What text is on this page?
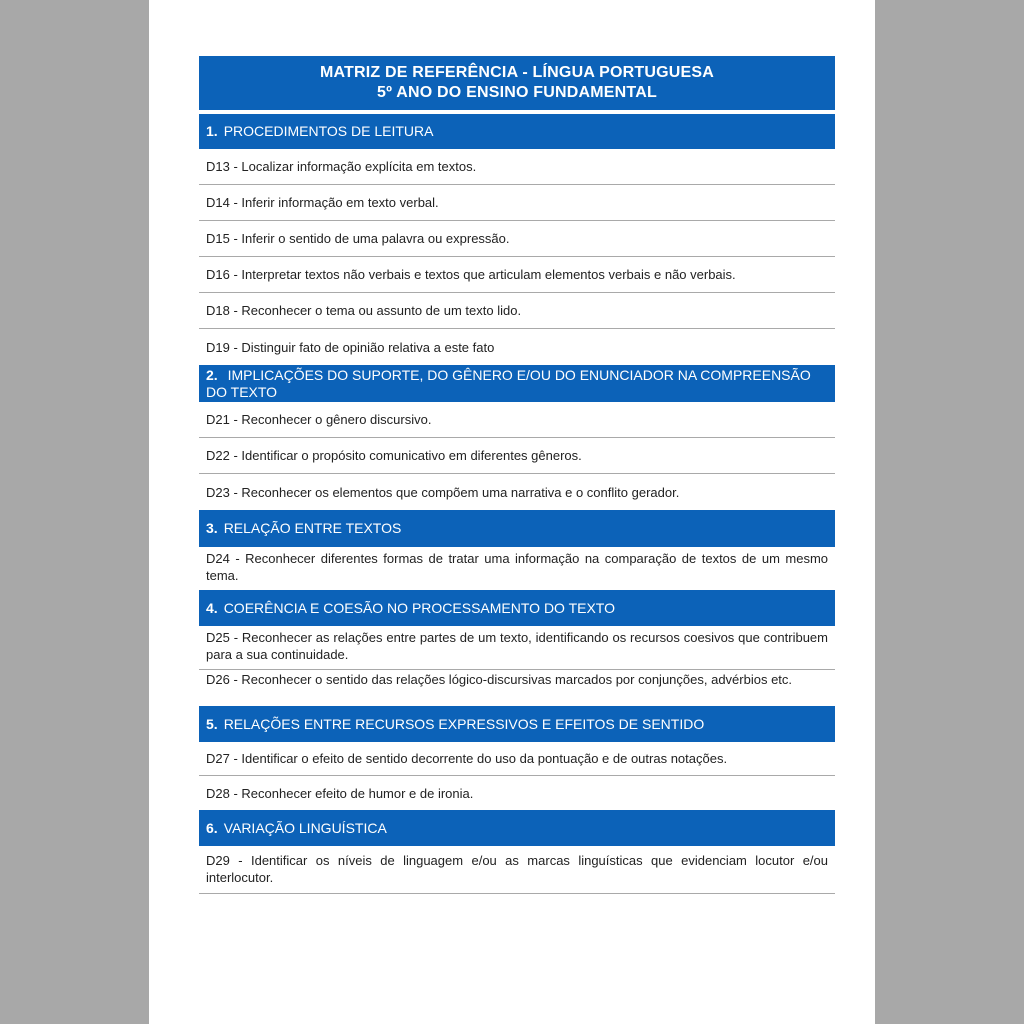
MATRIZ DE REFERÊNCIA - LÍNGUA PORTUGUESA
5º ANO DO ENSINO FUNDAMENTAL
1. PROCEDIMENTOS DE LEITURA
D13 - Localizar informação explícita em textos.
D14 - Inferir informação em texto verbal.
D15 - Inferir o sentido de uma palavra ou expressão.
D16 - Interpretar textos não verbais e textos que articulam elementos verbais e não verbais.
D18 - Reconhecer o tema ou assunto de um texto lido.
D19 - Distinguir fato de opinião relativa a este fato
2. IMPLICAÇÕES DO SUPORTE, DO GÊNERO E/OU DO ENUNCIADOR NA COMPREENSÃO DO TEXTO
D21 - Reconhecer o gênero discursivo.
D22 - Identificar o propósito comunicativo em diferentes gêneros.
D23 - Reconhecer os elementos que compõem uma narrativa e o conflito gerador.
3. RELAÇÃO ENTRE TEXTOS
D24 - Reconhecer diferentes formas de tratar uma informação na comparação de textos de um mesmo tema.
4. COERÊNCIA E COESÃO NO PROCESSAMENTO DO TEXTO
D25 - Reconhecer as relações entre partes de um texto, identificando os recursos coesivos que contribuem para a sua continuidade.
D26 - Reconhecer o sentido das relações lógico-discursivas marcados por conjunções, advérbios etc.
5. RELAÇÕES ENTRE RECURSOS EXPRESSIVOS E EFEITOS DE SENTIDO
D27 - Identificar o efeito de sentido decorrente do uso da pontuação e de outras notações.
D28 - Reconhecer efeito de humor e de ironia.
6. VARIAÇÃO LINGUÍSTICA
D29 - Identificar os níveis de linguagem e/ou as marcas linguísticas que evidenciam locutor e/ou interlocutor.
